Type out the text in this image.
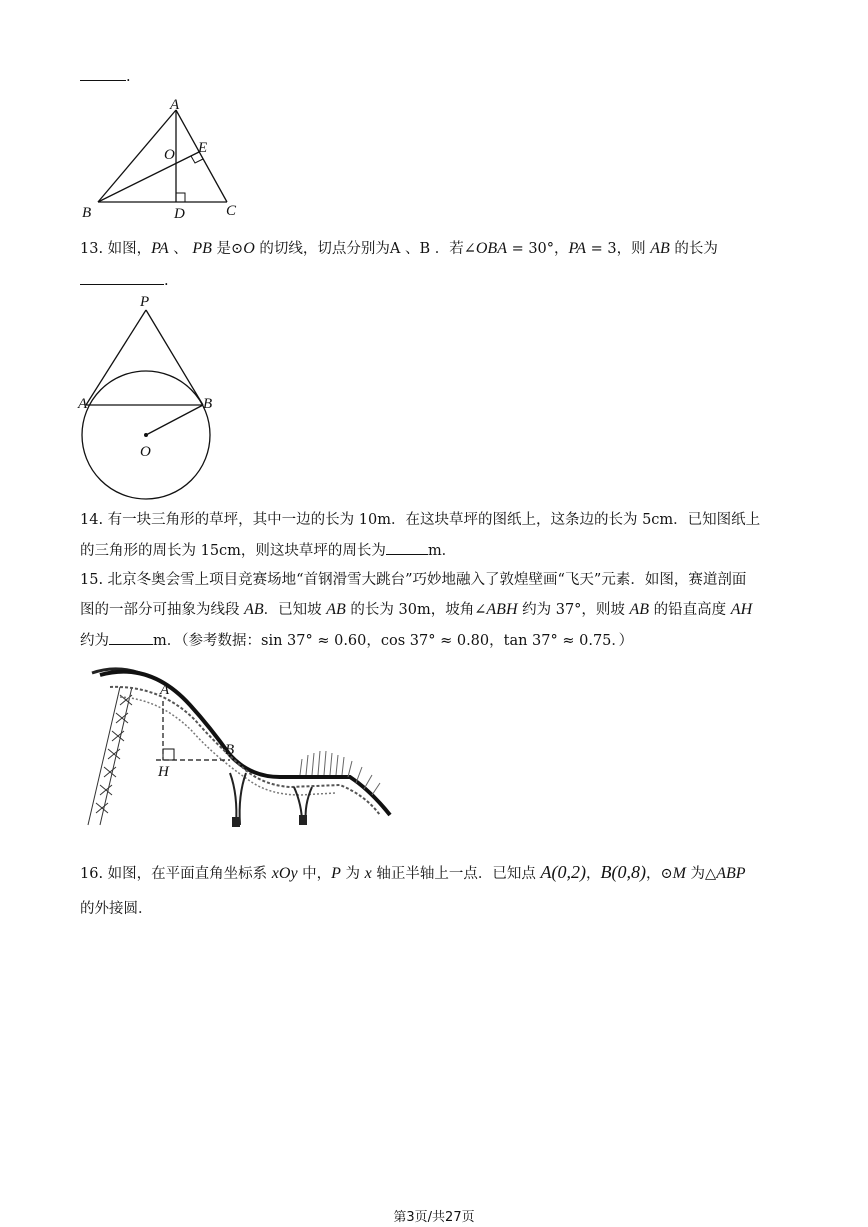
.
A
O E
B	D	C
13. 如图，PA 、 PB 是⊙O 的切线，切点分别为A 、B ．若∠OBA = 30°，PA = 3，则 AB 的长为
.
P
A	B
O
14. 有一块三角形的草坪，其中一边的长为 10m．在这块草坪的图纸上，这条边的长为 5cm．已知图纸上
的三角形的周长为 15cm，则这块草坪的周长为	m．
15. 北京冬奥会雪上项目竞赛场地“首钢滑雪大跳台”巧妙地融入了敦煌壁画“飞天”元素．如图，赛道剖面
图的一部分可抽象为线段 AB．已知坡 AB 的长为 30m，坡角∠ABH 约为 37°，则坡 AB 的铅直高度 AH
约为	m．（参考数据：sin 37° ≈ 0.60，cos 37° ≈ 0.80，tan 37° ≈ 0.75．）
A
B
H
16. 如图，在平面直角坐标系 xOy 中，P 为 x 轴正半轴上一点．已知点 A(0,2)，B(0,8)，⊙M 为△ABP
的外接圆．
第3页/共27页
